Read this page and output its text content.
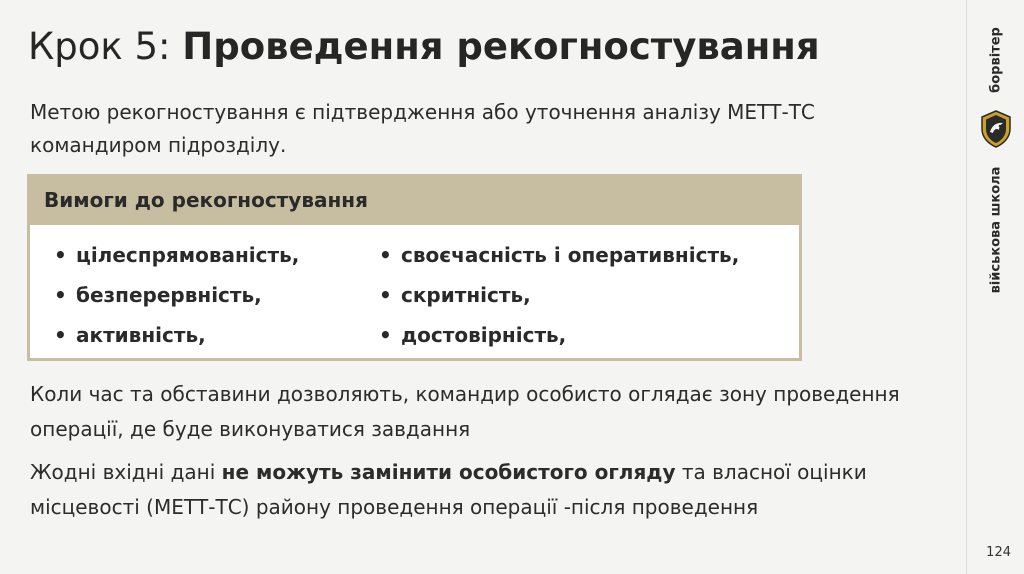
Крок 5: Проведення рекогностування
Метою рекогностування є підтвердження або уточнення аналізу МЕТТ-ТС командиром підрозділу.
Вимоги до рекогностування
• цілеспрямованість,
• безперервність,
• активність,
• своєчасність і оперативність,
• скритність,
• достовірність,
Коли час та обставини дозволяють, командир особисто оглядає зону проведення операції, де буде виконуватися завдання
Жодні вхідні дані не можуть замінити особистого огляду та власної оцінки місцевості (МЕТТ-ТС) району проведення операції -після проведення
борвітер
військова школа
124
